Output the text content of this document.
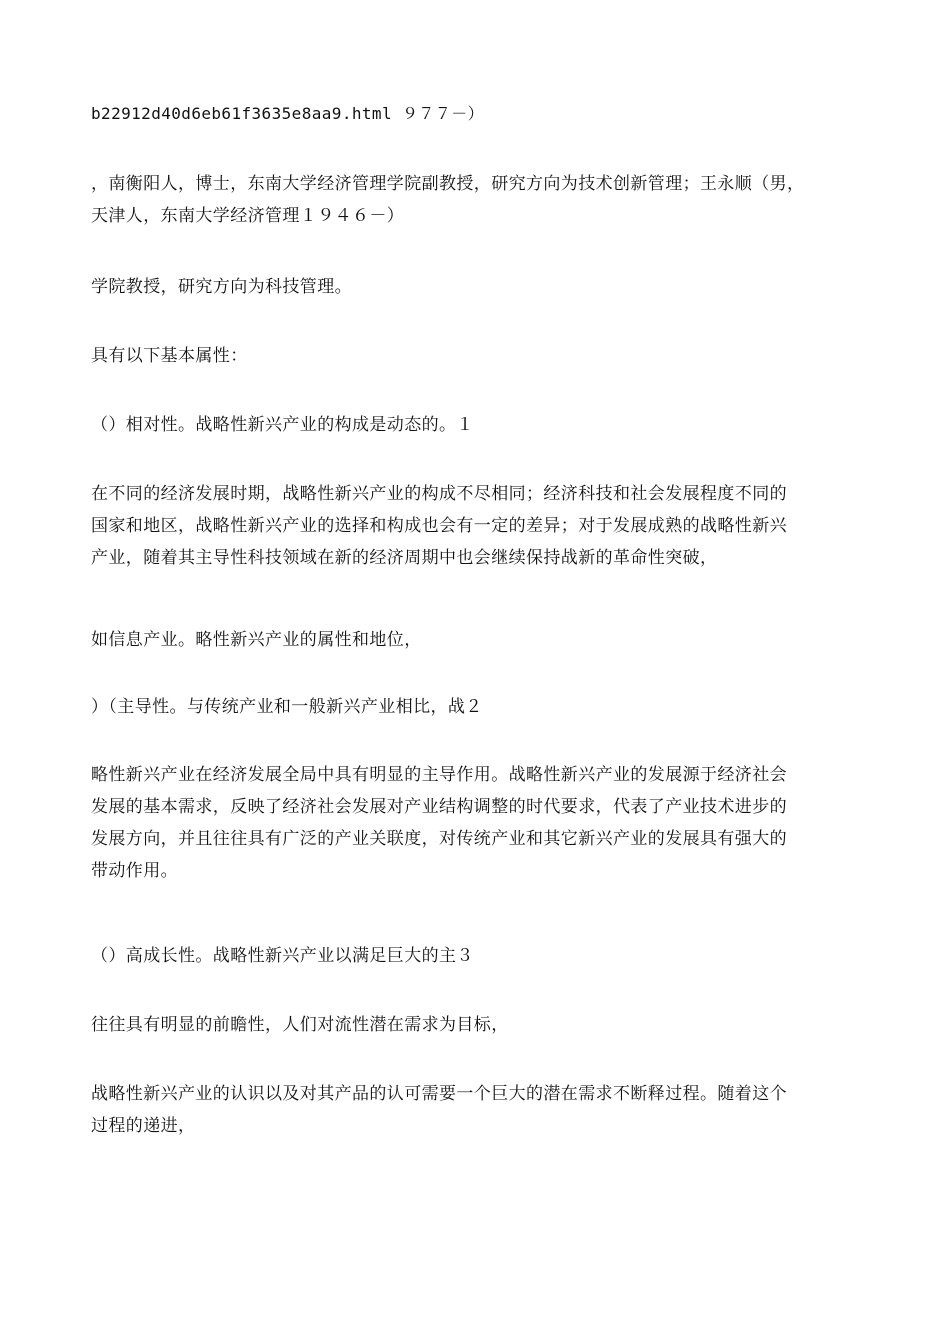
b22912d40d6eb61f3635e8aa9.html ９７７－）

，南衡阳人，博士，东南大学经济管理学院副教授，研究方向为技术创新管理；王永顺（男，
天津人，东南大学经济管理１９４６－）

学院教授，研究方向为科技管理。

具有以下基本属性：

（）相对性。战略性新兴产业的构成是动态的。１

在不同的经济发展时期，战略性新兴产业的构成不尽相同；经济科技和社会发展程度不同的
国家和地区，战略性新兴产业的选择和构成也会有一定的差异；对于发展成熟的战略性新兴
产业，随着其主导性科技领域在新的经济周期中也会继续保持战新的革命性突破，

如信息产业。略性新兴产业的属性和地位，

）（主导性。与传统产业和一般新兴产业相比，战２

略性新兴产业在经济发展全局中具有明显的主导作用。战略性新兴产业的发展源于经济社会
发展的基本需求，反映了经济社会发展对产业结构调整的时代要求，代表了产业技术进步的
发展方向，并且往往具有广泛的产业关联度，对传统产业和其它新兴产业的发展具有强大的
带动作用。

（）高成长性。战略性新兴产业以满足巨大的主３

往往具有明显的前瞻性，人们对流性潜在需求为目标，

战略性新兴产业的认识以及对其产品的认可需要一个巨大的潜在需求不断释过程。随着这个
过程的递进，
